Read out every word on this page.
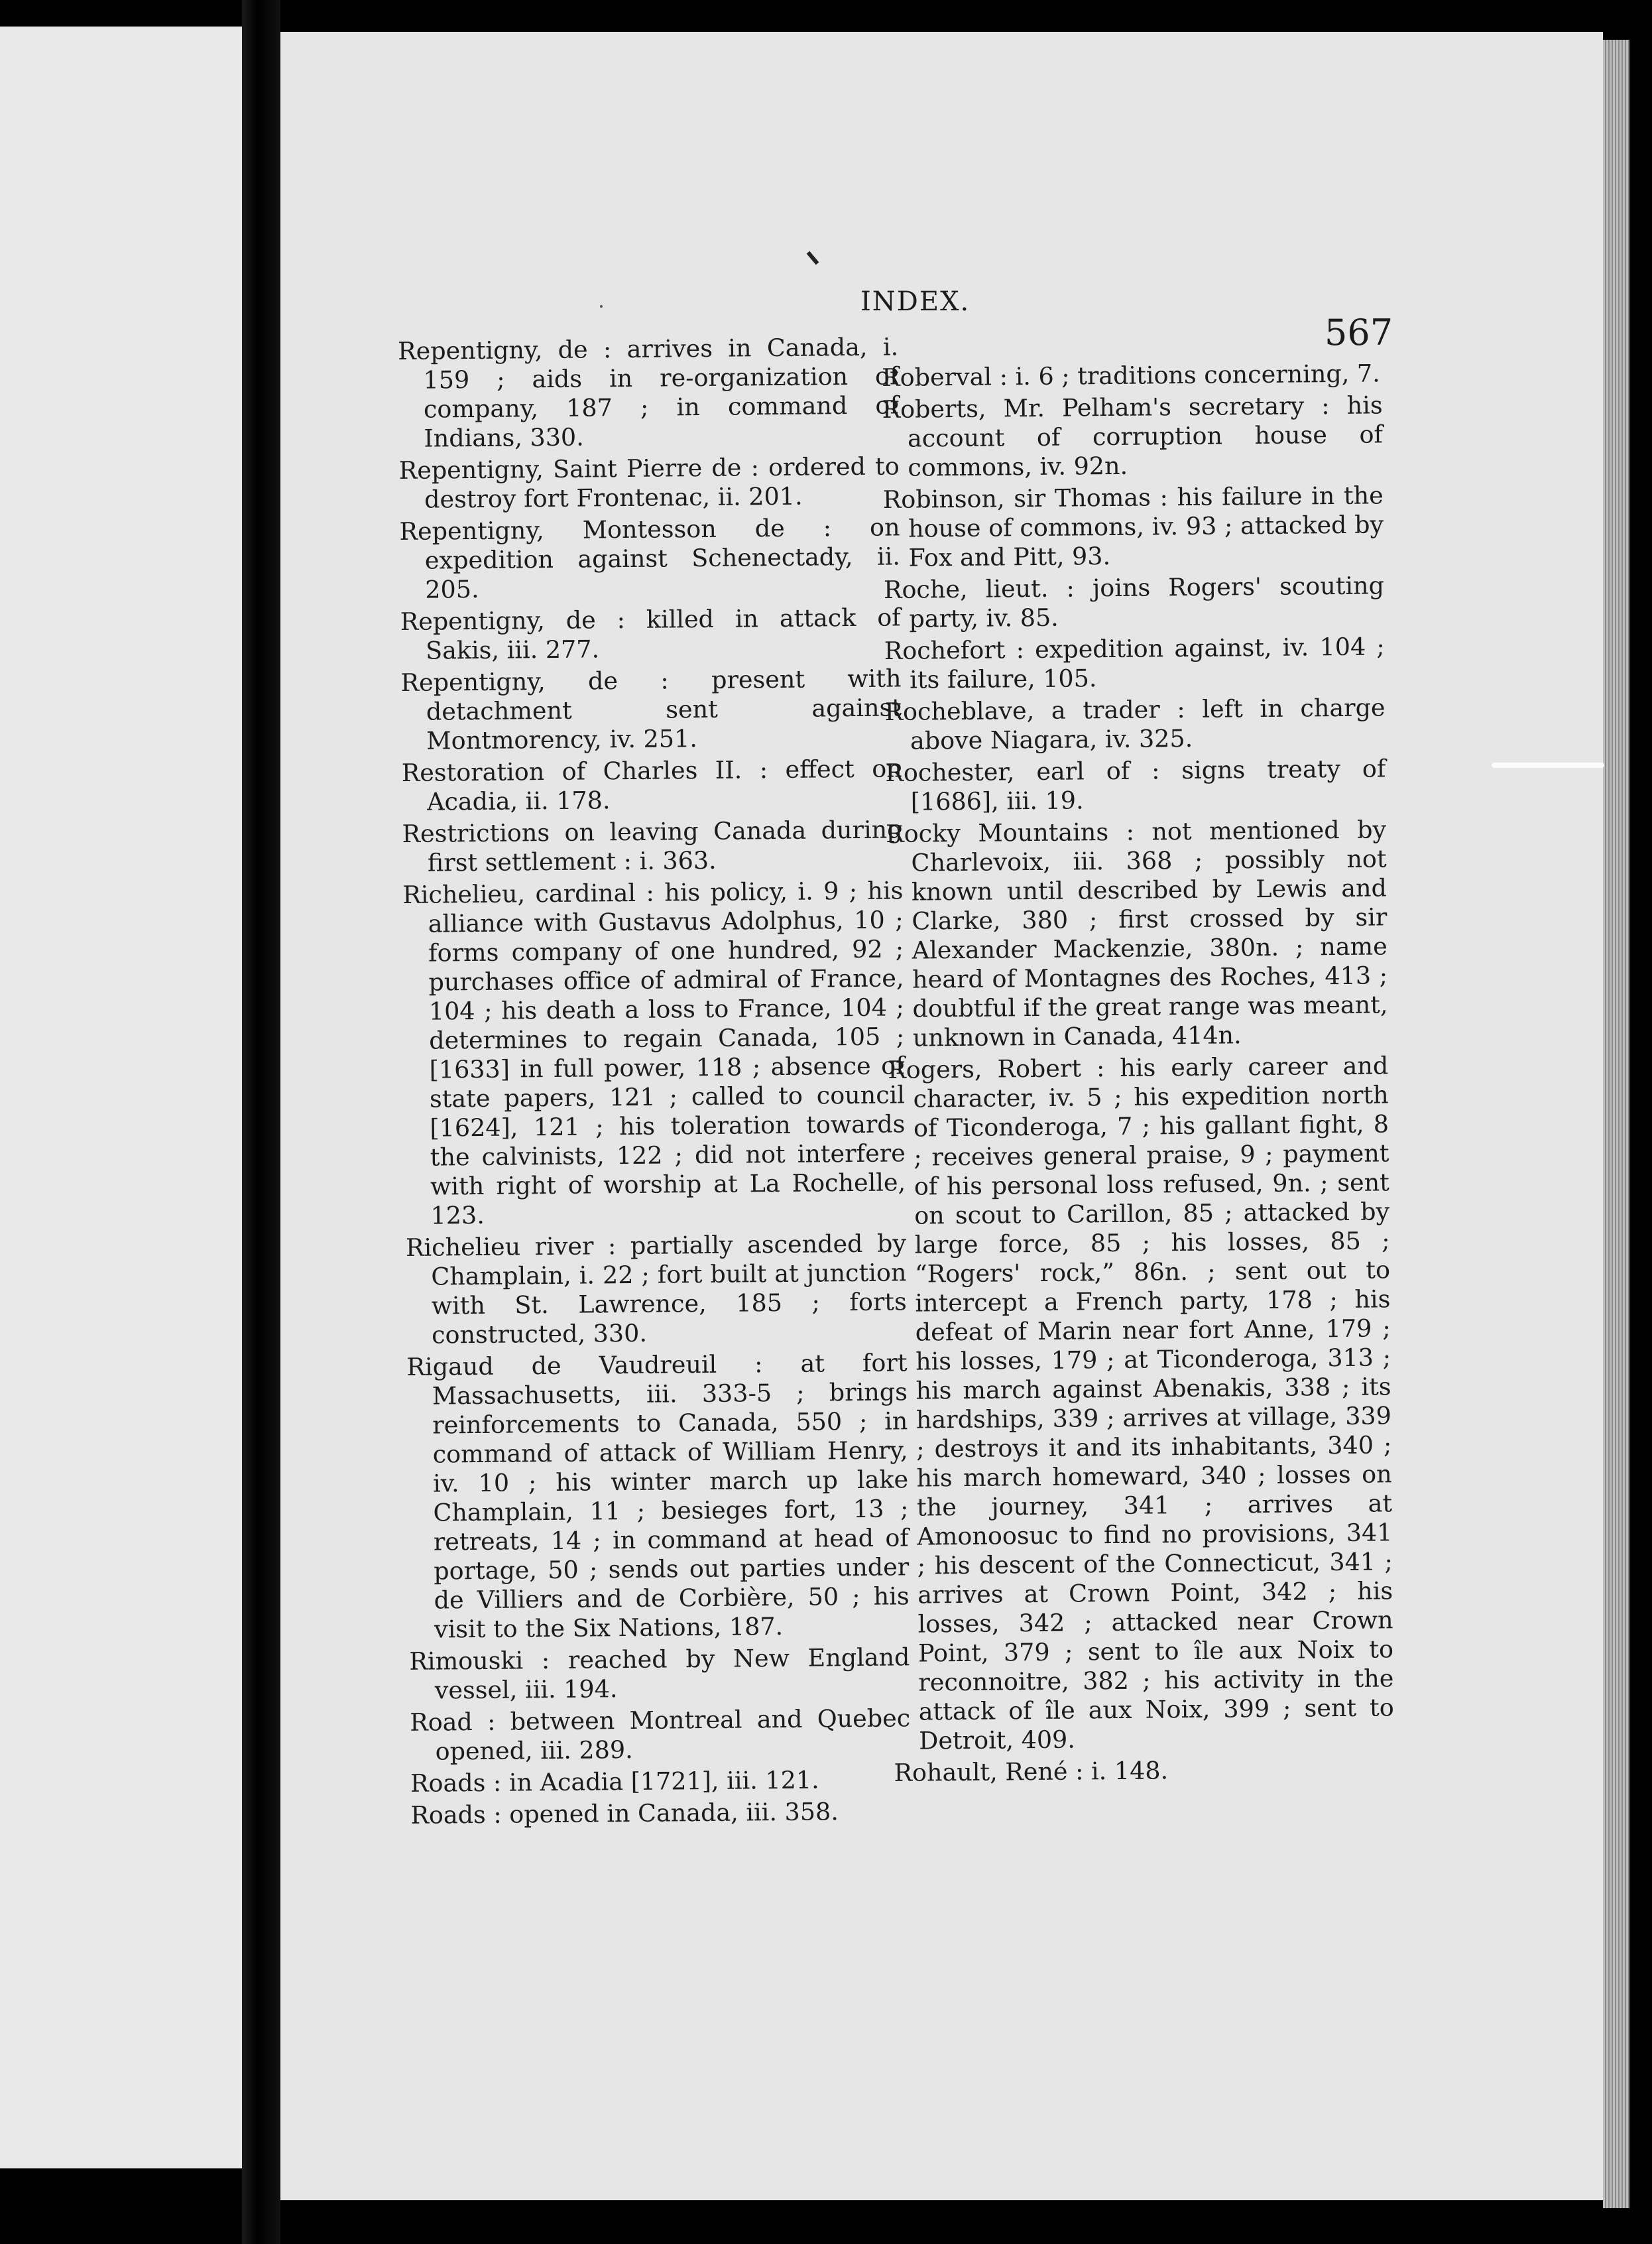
INDEX.
567
Repentigny, de : arrives in Canada, i. 159 ; aids in re-organization of company, 187 ; in command of Indians, 330.
Repentigny, Saint Pierre de : ordered to destroy fort Frontenac, ii. 201.
Repentigny, Montesson de : on expedition against Schenectady, ii. 205.
Repentigny, de : killed in attack of Sakis, iii. 277.
Repentigny, de : present with detachment sent against Montmorency, iv. 251.
Restoration of Charles II. : effect on Acadia, ii. 178.
Restrictions on leaving Canada during first settlement : i. 363.
Richelieu, cardinal : his policy, i. 9 ; his alliance with Gustavus Adolphus, 10 ; forms company of one hundred, 92 ; purchases office of admiral of France, 104 ; his death a loss to France, 104 ; determines to regain Canada, 105 ; [1633] in full power, 118 ; absence of state papers, 121 ; called to council [1624], 121 ; his toleration towards the calvinists, 122 ; did not interfere with right of worship at La Rochelle, 123.
Richelieu river : partially ascended by Champlain, i. 22 ; fort built at junction with St. Lawrence, 185 ; forts constructed, 330.
Rigaud de Vaudreuil : at fort Massachusetts, iii. 333-5 ; brings reinforcements to Canada, 550 ; in command of attack of William Henry, iv. 10 ; his winter march up lake Champlain, 11 ; besieges fort, 13 ; retreats, 14 ; in command at head of portage, 50 ; sends out parties under de Villiers and de Corbière, 50 ; his visit to the Six Nations, 187.
Rimouski : reached by New England vessel, iii. 194.
Road : between Montreal and Quebec opened, iii. 289.
Roads : in Acadia [1721], iii. 121.
Roads : opened in Canada, iii. 358.
Roberval : i. 6 ; traditions concerning, 7.
Roberts, Mr. Pelham's secretary : his account of corruption house of commons, iv. 92n.
Robinson, sir Thomas : his failure in the house of commons, iv. 93 ; attacked by Fox and Pitt, 93.
Roche, lieut. : joins Rogers' scouting party, iv. 85.
Rochefort : expedition against, iv. 104 ; its failure, 105.
Rocheblave, a trader : left in charge above Niagara, iv. 325.
Rochester, earl of : signs treaty of [1686], iii. 19.
Rocky Mountains : not mentioned by Charlevoix, iii. 368 ; possibly not known until described by Lewis and Clarke, 380 ; first crossed by sir Alexander Mackenzie, 380n. ; name heard of Montagnes des Roches, 413 ; doubtful if the great range was meant, unknown in Canada, 414n.
Rogers, Robert : his early career and character, iv. 5 ; his expedition north of Ticonderoga, 7 ; his gallant fight, 8 ; receives general praise, 9 ; payment of his personal loss refused, 9n. ; sent on scout to Carillon, 85 ; attacked by large force, 85 ; his losses, 85 ; “Rogers' rock,” 86n. ; sent out to intercept a French party, 178 ; his defeat of Marin near fort Anne, 179 ; his losses, 179 ; at Ticonderoga, 313 ; his march against Abenakis, 338 ; its hardships, 339 ; arrives at village, 339 ; destroys it and its inhabitants, 340 ; his march homeward, 340 ; losses on the journey, 341 ; arrives at Amonoosuc to find no provisions, 341 ; his descent of the Connecticut, 341 ; arrives at Crown Point, 342 ; his losses, 342 ; attacked near Crown Point, 379 ; sent to île aux Noix to reconnoitre, 382 ; his activity in the attack of île aux Noix, 399 ; sent to Detroit, 409.
Rohault, René : i. 148.
